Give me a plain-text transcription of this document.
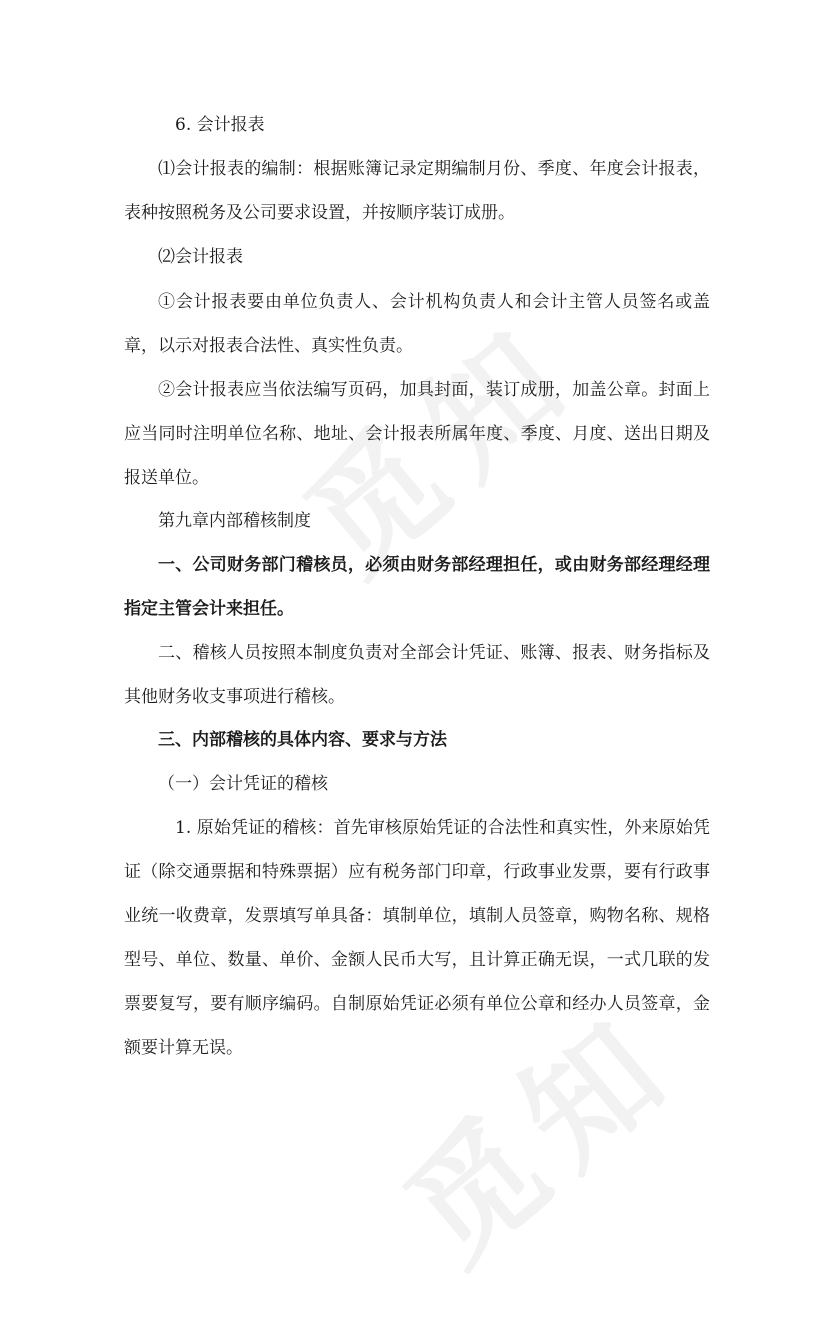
6. 会计报表

⑴会计报表的编制：根据账簿记录定期编制月份、季度、年度会计报表，表种按照税务及公司要求设置，并按顺序装订成册。

⑵会计报表

①会计报表要由单位负责人、会计机构负责人和会计主管人员签名或盖章，以示对报表合法性、真实性负责。

②会计报表应当依法编写页码，加具封面，装订成册，加盖公章。封面上应当同时注明单位名称、地址、会计报表所属年度、季度、月度、送出日期及报送单位。

第九章内部稽核制度

一、公司财务部门稽核员，必须由财务部经理担任，或由财务部经理经理指定主管会计来担任。

二、稽核人员按照本制度负责对全部会计凭证、账簿、报表、财务指标及其他财务收支事项进行稽核。

三、内部稽核的具体内容、要求与方法

（一）会计凭证的稽核

1. 原始凭证的稽核：首先审核原始凭证的合法性和真实性，外来原始凭证（除交通票据和特殊票据）应有税务部门印章，行政事业发票，要有行政事业统一收费章，发票填写单具备：填制单位，填制人员签章，购物名称、规格型号、单位、数量、单价、金额人民币大写，且计算正确无误，一式几联的发票要复写，要有顺序编码。自制原始凭证必须有单位公章和经办人员签章，金额要计算无误。
